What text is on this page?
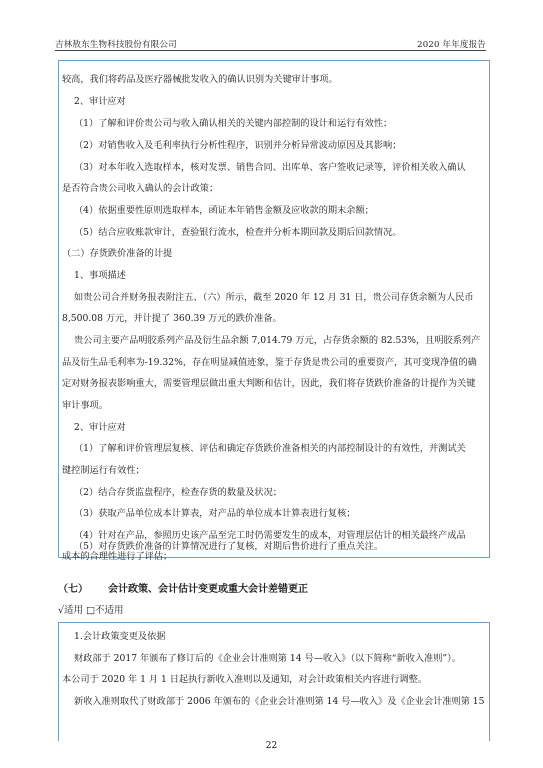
吉林敖东生物科技股份有限公司	2020 年年度报告
较高，我们将药品及医疗器械批发收入的确认识别为关键审计事项。
2、审计应对
（1）了解和评价贵公司与收入确认相关的关键内部控制的设计和运行有效性；
（2）对销售收入及毛利率执行分析性程序，识别并分析异常波动原因及其影响；
（3）对本年收入选取样本，核对发票、销售合同、出库单、客户签收记录等，评价相关收入确认
是否符合贵公司收入确认的会计政策；
（4）依据重要性原则选取样本，函证本年销售金额及应收款的期末余额；
（5）结合应收账款审计，查验银行流水，检查并分析本期回款及期后回款情况。
（二）存货跌价准备的计提
1、事项描述
如贵公司合并财务报表附注五、（六）所示，截至 2020 年 12 月 31 日，贵公司存货余额为人民币
8,500.08 万元，并计提了 360.39 万元的跌价准备。
贵公司主要产品明胶系列产品及衍生品余额 7,014.79 万元，占存货余额的 82.53%，且明胶系列产
品及衍生品毛利率为-19.32%，存在明显减值迹象，鉴于存货是贵公司的重要资产，其可变现净值的确
定对财务报表影响重大，需要管理层做出重大判断和估计，因此，我们将存货跌价准备的计提作为关键
审计事项。
2、审计应对
（1）了解和评价管理层复核、评估和确定存货跌价准备相关的内部控制设计的有效性，并测试关
键控制运行有效性；
（2）结合存货监盘程序，检查存货的数量及状况；
（3）获取产品单位成本计算表，对产品的单位成本计算表进行复核；
（4）针对在产品，参照历史该产品至完工时仍需要发生的成本，对管理层估计的相关最终产成品
成本的合理性进行了评估；
（七） 会计政策、会计估计变更或重大会计差错更正
√适用 □不适用
1.会计政策变更及依据
财政部于 2017 年颁布了修订后的《企业会计准则第 14 号—收入》（以下简称“新收入准则”）。
本公司于 2020 年 1 月 1 日起执行新收入准则以及通知，对会计政策相关内容进行调整。
新收入准则取代了财政部于 2006 年颁布的《企业会计准则第 14 号—收入》及《企业会计准则第 15
22
（5）对存货跌价准备的计算情况进行了复核，对期后售价进行了重点关注。
